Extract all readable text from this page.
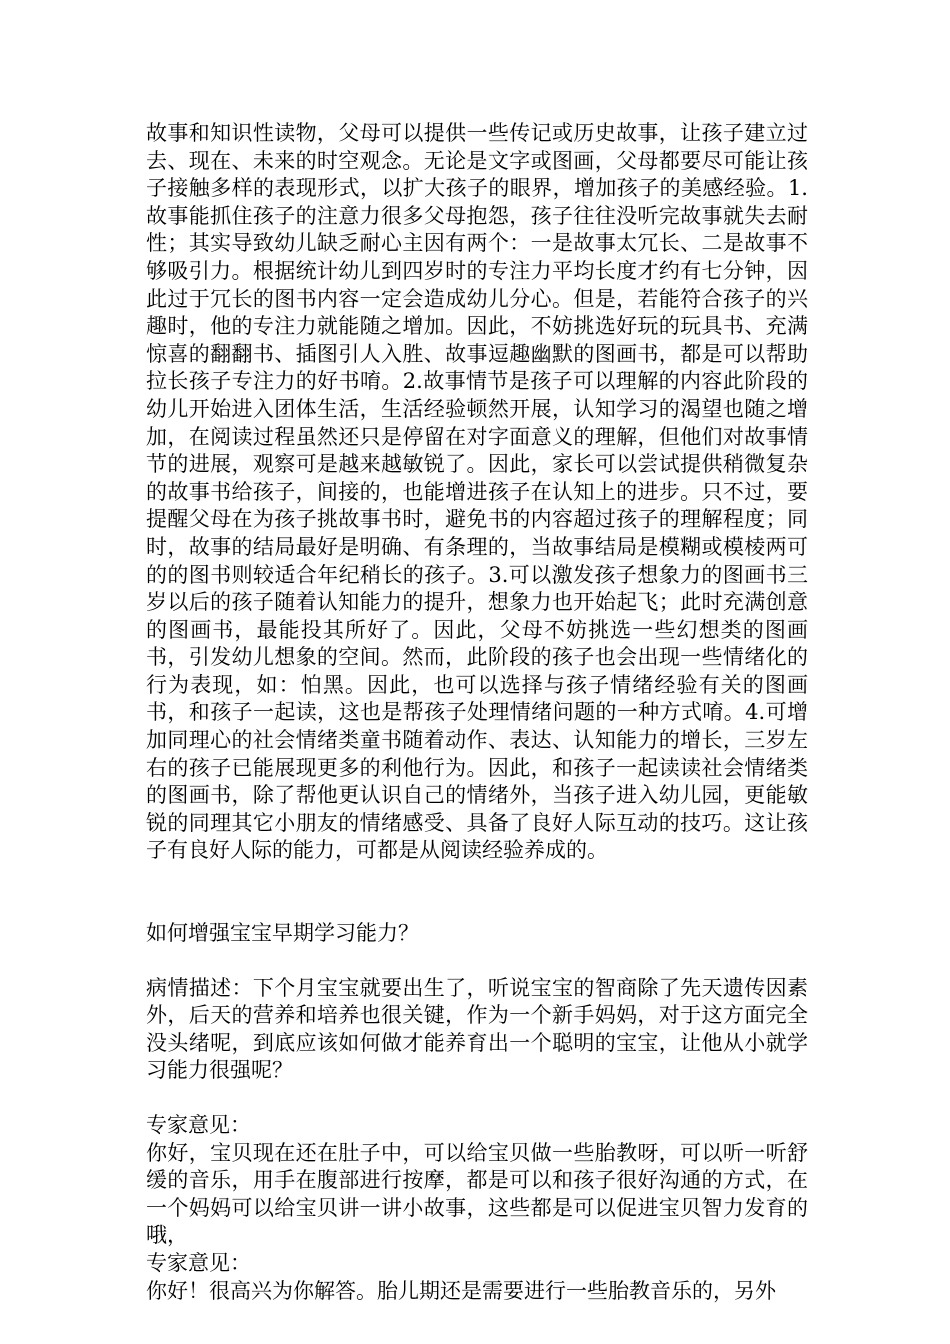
故事和知识性读物，父母可以提供一些传记或历史故事，让孩子建立过去、现在、未来的时空观念。无论是文字或图画，父母都要尽可能让孩子接触多样的表现形式，以扩大孩子的眼界，增加孩子的美感经验。1.故事能抓住孩子的注意力很多父母抱怨，孩子往往没听完故事就失去耐性；其实导致幼儿缺乏耐心主因有两个：一是故事太冗长、二是故事不够吸引力。根据统计幼儿到四岁时的专注力平均长度才约有七分钟，因此过于冗长的图书内容一定会造成幼儿分心。但是，若能符合孩子的兴趣时，他的专注力就能随之增加。因此，不妨挑选好玩的玩具书、充满惊喜的翻翻书、插图引人入胜、故事逗趣幽默的图画书，都是可以帮助拉长孩子专注力的好书唷。2.故事情节是孩子可以理解的内容此阶段的幼儿开始进入团体生活，生活经验顿然开展，认知学习的渴望也随之增加，在阅读过程虽然还只是停留在对字面意义的理解，但他们对故事情节的进展，观察可是越来越敏锐了。因此，家长可以尝试提供稍微复杂的故事书给孩子，间接的，也能增进孩子在认知上的进步。只不过，要提醒父母在为孩子挑故事书时，避免书的内容超过孩子的理解程度；同时，故事的结局最好是明确、有条理的，当故事结局是模糊或模棱两可的的图书则较适合年纪稍长的孩子。3.可以激发孩子想象力的图画书三岁以后的孩子随着认知能力的提升，想象力也开始起飞；此时充满创意的图画书，最能投其所好了。因此，父母不妨挑选一些幻想类的图画书，引发幼儿想象的空间。然而，此阶段的孩子也会出现一些情绪化的行为表现，如：怕黑。因此，也可以选择与孩子情绪经验有关的图画书，和孩子一起读，这也是帮孩子处理情绪问题的一种方式唷。4.可增加同理心的社会情绪类童书随着动作、表达、认知能力的增长，三岁左右的孩子已能展现更多的利他行为。因此，和孩子一起读读社会情绪类的图画书，除了帮他更认识自己的情绪外，当孩子进入幼儿园，更能敏锐的同理其它小朋友的情绪感受、具备了良好人际互动的技巧。这让孩子有良好人际的能力，可都是从阅读经验养成的。

如何增强宝宝早期学习能力？

病情描述：下个月宝宝就要出生了，听说宝宝的智商除了先天遗传因素外，后天的营养和培养也很关键，作为一个新手妈妈，对于这方面完全没头绪呢，到底应该如何做才能养育出一个聪明的宝宝，让他从小就学习能力很强呢？

专家意见：

你好，宝贝现在还在肚子中，可以给宝贝做一些胎教呀，可以听一听舒缓的音乐，用手在腹部进行按摩，都是可以和孩子很好沟通的方式，在一个妈妈可以给宝贝讲一讲小故事，这些都是可以促进宝贝智力发育的哦，

专家意见：

你好！很高兴为你解答。胎儿期还是需要进行一些胎教音乐的，另外
